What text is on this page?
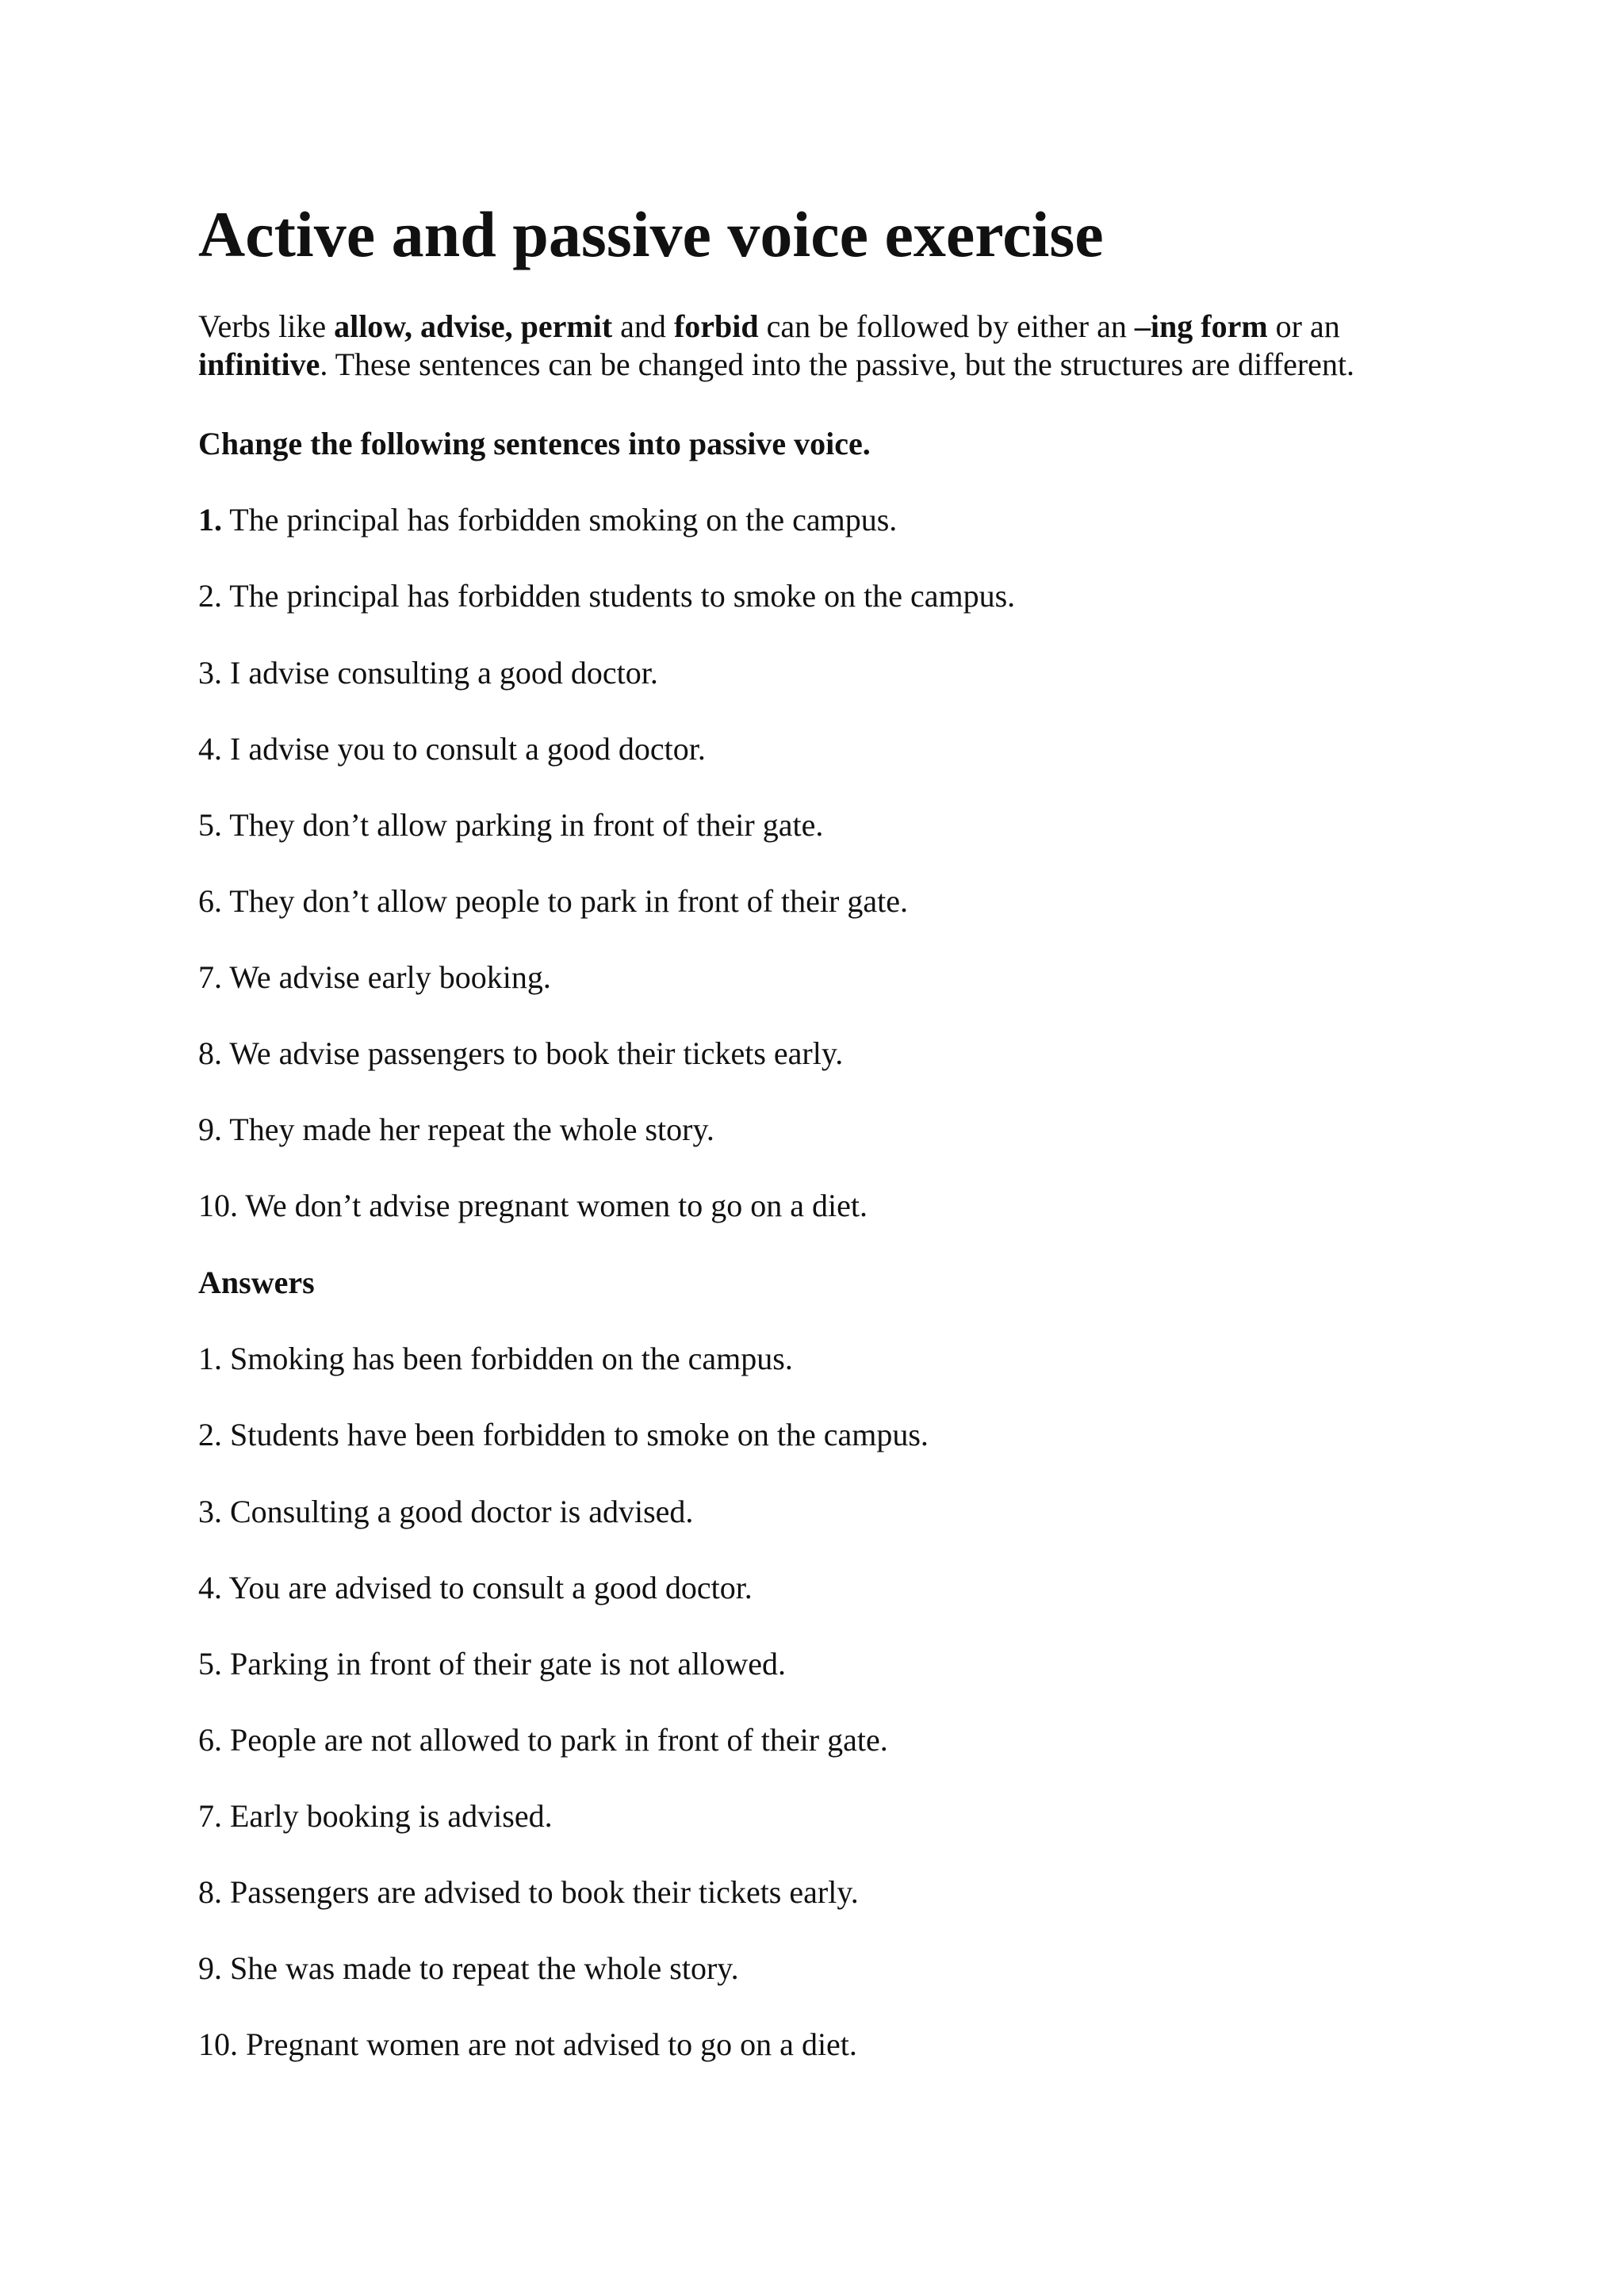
Active and passive voice exercise

Verbs like allow, advise, permit and forbid can be followed by either an –ing form or an infinitive. These sentences can be changed into the passive, but the structures are different.

Change the following sentences into passive voice.

1. The principal has forbidden smoking on the campus.

2. The principal has forbidden students to smoke on the campus.

3. I advise consulting a good doctor.

4. I advise you to consult a good doctor.

5. They don’t allow parking in front of their gate.

6. They don’t allow people to park in front of their gate.

7. We advise early booking.

8. We advise passengers to book their tickets early.

9. They made her repeat the whole story.

10. We don’t advise pregnant women to go on a diet.

Answers

1. Smoking has been forbidden on the campus.

2. Students have been forbidden to smoke on the campus.

3. Consulting a good doctor is advised.

4. You are advised to consult a good doctor.

5. Parking in front of their gate is not allowed.

6. People are not allowed to park in front of their gate.

7. Early booking is advised.

8. Passengers are advised to book their tickets early.

9. She was made to repeat the whole story.

10. Pregnant women are not advised to go on a diet.
